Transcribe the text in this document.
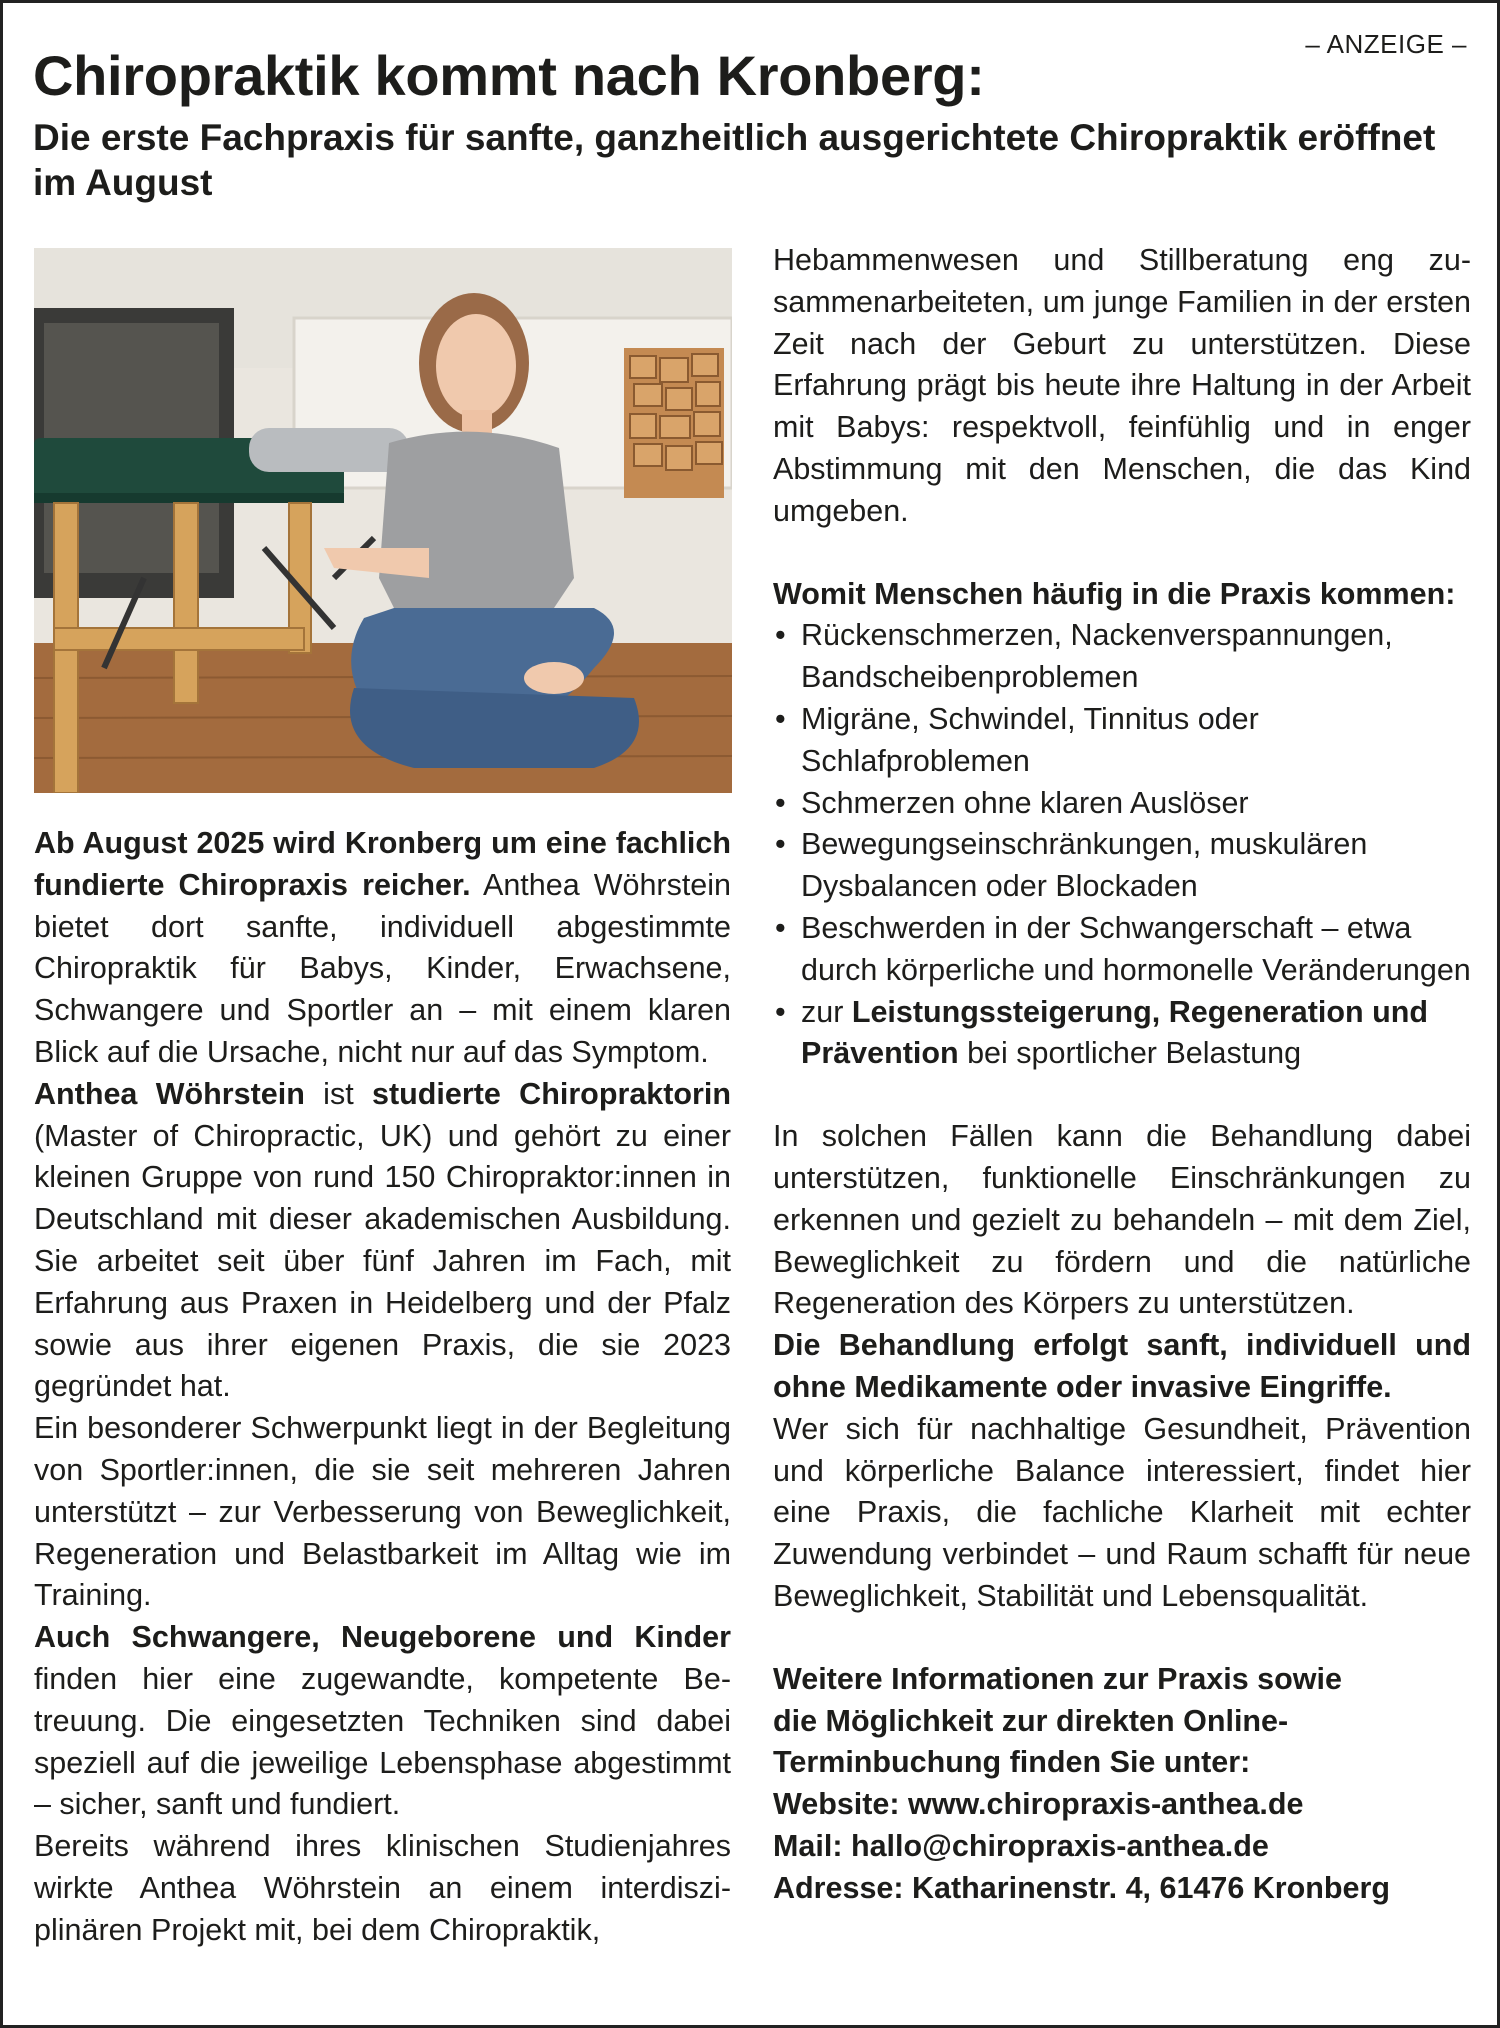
– ANZEIGE –
Chiropraktik kommt nach Kronberg:
Die erste Fachpraxis für sanfte, ganzheitlich ausgerichtete Chiropraktik eröffnet im August

Ab August 2025 wird Kronberg um eine fachlich fundierte Chiropraxis reicher. Anthea Wöhrstein bietet dort sanfte, individuell abgestimmte Chiropraktik für Babys, Kinder, Erwachsene, Schwangere und Sportler an – mit einem klaren Blick auf die Ursache, nicht nur auf das Symptom.

Anthea Wöhrstein ist studierte Chiropraktorin (Master of Chiropractic, UK) und gehört zu einer kleinen Gruppe von rund 150 Chiropraktor:innen in Deutschland mit dieser akademischen Ausbildung. Sie arbeitet seit über fünf Jahren im Fach, mit Erfahrung aus Praxen in Heidelberg und der Pfalz sowie aus ihrer eigenen Praxis, die sie 2023 gegründet hat.

Ein besonderer Schwerpunkt liegt in der Begleitung von Sportler:innen, die sie seit mehreren Jahren unterstützt – zur Verbesserung von Beweglichkeit, Regeneration und Belastbarkeit im Alltag wie im Training.

Auch Schwangere, Neugeborene und Kinder finden hier eine zugewandte, kompetente Betreuung. Die eingesetzten Techniken sind dabei speziell auf die jeweilige Lebensphase abgestimmt – sicher, sanft und fundiert.

Bereits während ihres klinischen Studienjahres wirkte Anthea Wöhrstein an einem interdisziplinären Projekt mit, bei dem Chiropraktik,

Hebammenwesen und Stillberatung eng zusammenarbeiteten, um junge Familien in der ersten Zeit nach der Geburt zu unterstützen. Diese Erfahrung prägt bis heute ihre Haltung in der Arbeit mit Babys: respektvoll, feinfühlig und in enger Abstimmung mit den Menschen, die das Kind umgeben.

Womit Menschen häufig in die Praxis kommen:
• Rückenschmerzen, Nackenverspannungen, Bandscheibenproblemen
• Migräne, Schwindel, Tinnitus oder Schlafproblemen
• Schmerzen ohne klaren Auslöser
• Bewegungseinschränkungen, muskulären Dysbalancen oder Blockaden
• Beschwerden in der Schwangerschaft – etwa durch körperliche und hormonelle Veränderungen
• zur Leistungssteigerung, Regeneration und Prävention bei sportlicher Belastung

In solchen Fällen kann die Behandlung dabei unterstützen, funktionelle Einschränkungen zu erkennen und gezielt zu behandeln – mit dem Ziel, Beweglichkeit zu fördern und die natürliche Regeneration des Körpers zu unterstützen.

Die Behandlung erfolgt sanft, individuell und ohne Medikamente oder invasive Eingriffe.

Wer sich für nachhaltige Gesundheit, Prävention und körperliche Balance interessiert, findet hier eine Praxis, die fachliche Klarheit mit echter Zuwendung verbindet – und Raum schafft für neue Beweglichkeit, Stabilität und Lebensqualität.

Weitere Informationen zur Praxis sowie
die Möglichkeit zur direkten Online-
Terminbuchung finden Sie unter:
Website: www.chiropraxis-anthea.de
Mail: hallo@chiropraxis-anthea.de
Adresse: Katharinenstr. 4, 61476 Kronberg
